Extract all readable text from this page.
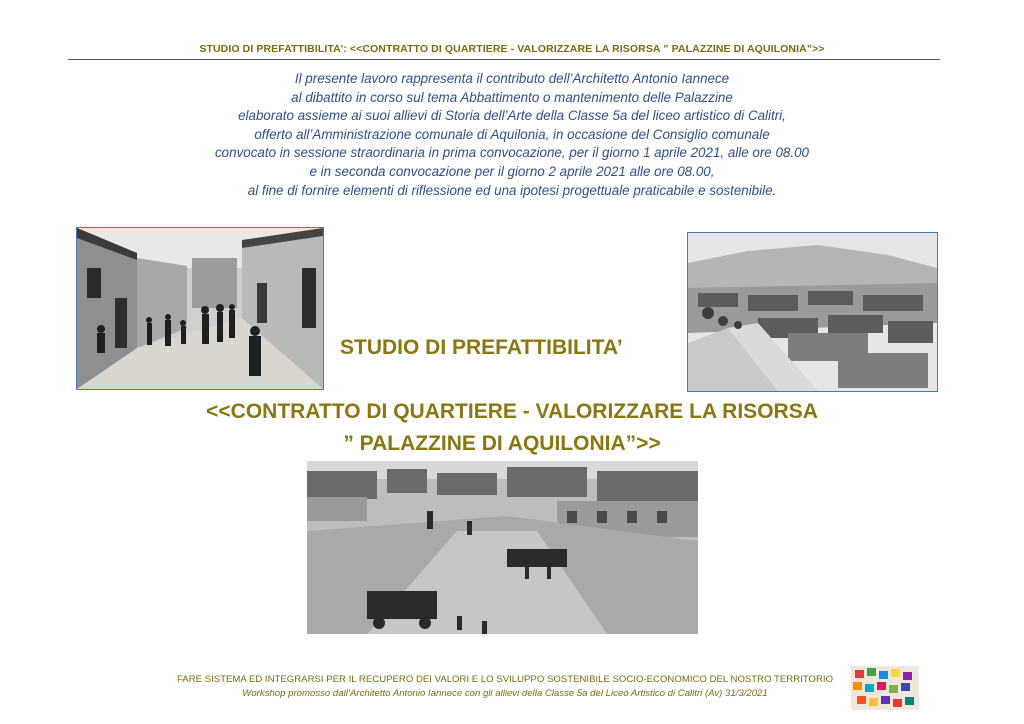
STUDIO DI PREFATTIBILITA’: <<CONTRATTO DI QUARTIERE - VALORIZZARE LA RISORSA ” PALAZZINE DI AQUILONIA”>>
Il presente lavoro rappresenta il contributo dell’Architetto Antonio Iannece
al dibattito in corso sul tema Abbattimento o mantenimento delle Palazzine
elaborato assieme ai suoi allievi di Storia dell’Arte della Classe 5a del liceo artistico di Calitri,
offerto all’Amministrazione comunale di Aquilonia, in occasione del Consiglio comunale
convocato in sessione straordinaria in prima convocazione, per il giorno 1 aprile 2021, alle ore 08.00
e in seconda convocazione per il giorno 2 aprile 2021 alle ore 08.00,
al fine di fornire elementi di riflessione ed una ipotesi progettuale praticabile e sostenibile.
STUDIO DI PREFATTIBILITA’
<<CONTRATTO DI QUARTIERE - VALORIZZARE LA RISORSA
” PALAZZINE DI AQUILONIA”>>
FARE SISTEMA ED INTEGRARSI PER IL RECUPERO DEI VALORI E LO SVILUPPO SOSTENIBILE SOCIO-ECONOMICO DEL NOSTRO TERRITORIO
Workshop promosso dall’Architetto Antonio Iannece con gli allievi della Classe 5a del Liceo Artistico di Calitri (Av) 31/3/2021
